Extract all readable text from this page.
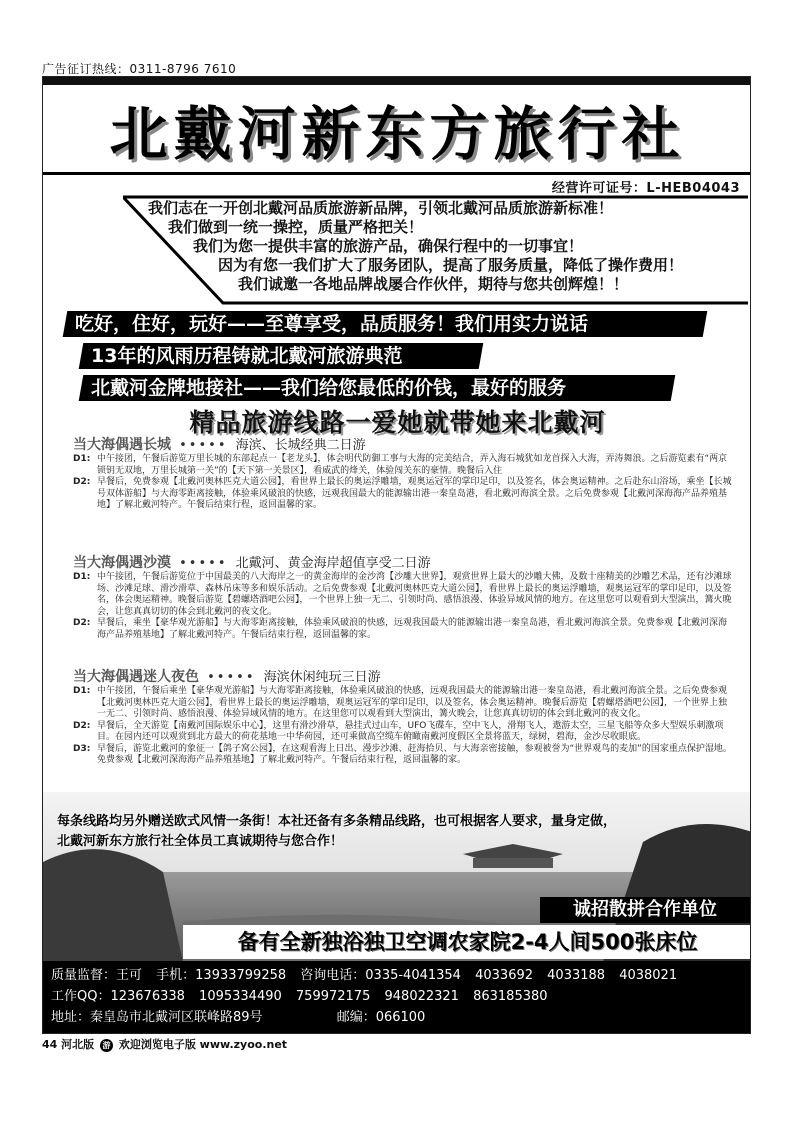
广告征订热线：0311-8796 7610
北戴河新东方旅行社
经营许可证号：L-HEB04043
我们志在一开创北戴河品质旅游新品牌，引领北戴河品质旅游新标准！
我们做到一统一操控，质量严格把关！
我们为您一提供丰富的旅游产品，确保行程中的一切事宜！
因为有您一我们扩大了服务团队，提高了服务质量，降低了操作费用！
我们诚邀一各地品牌战屡合作伙伴，期待与您共创辉煌！！
吃好，住好，玩好——至尊享受，品质服务！我们用实力说话
13年的风雨历程铸就北戴河旅游典范
北戴河金牌地接社——我们给您最低的价钱，最好的服务
精品旅游线路一爱她就带她来北戴河
当大海偶遇长城 ••••• 海滨、长城经典二日游
D1: 中午接团，午餐后游览万里长城的东部起点一【老龙头】，体会明代防御工事与大海的完美结合，弄入海石城犹如龙首探入大海，弄涛舞浪。之后游览素有“两京锁钥无双地，万里长城第一关”的【天下第一关景区】，看威武的烽关，体验闯关东的豪情。晚餐后入住
D2: 早餐后，免费参观【北戴河奥林匹克大道公园】，看世界上最长的奥运浮雕墙，观奥运冠军的掌印足印，以及签名，体会奥运精神。之后赴东山浴场，乘坐【长城号双体游船】与大海零距离接触，体验乘风破浪的快感，远观我国最大的能源输出港一秦皇岛港，看北戴河海滨全景。之后免费参观【北戴河深海海产品养殖基地】了解北戴河特产。午餐后结束行程，返回温馨的家。
当大海偶遇沙漠 ••••• 北戴河、黄金海岸超值享受二日游
D1: 中午接团，午餐后游览位于中国最美的八大海岸之一的黄金海岸的金沙湾【沙雕大世界】，观赏世界上最大的沙雕大佛，及数十座精美的沙雕艺术品，还有沙滩球场、沙滩足球、滑沙滑草、森林吊床等多和娱乐活动。之后免费参观【北戴河奥林匹克大道公园】，看世界上最长的奥运浮雕墙，观奥运冠军的掌印足印，以及签名，体会奥运精神。晚餐后游览【碧螺塔酒吧公园】，一个世界上独一无二、引领时尚、感悟浪漫、体验异域风情的地方。在这里您可以观看到大型演出，篝火晚会，让您真真切切的体会到北戴河的夜文化。
D2: 早餐后，乘坐【豪华观光游船】与大海零距离接触，体验乘风破浪的快感，远观我国最大的能源输出港一秦皇岛港，看北戴河海滨全景。免费参观【北戴河深海海产品养殖基地】了解北戴河特产。午餐后结束行程，返回温馨的家。
当大海偶遇迷人夜色 ••••• 海滨休闲纯玩三日游
D1: 中午接团，午餐后乘坐【豪华观光游船】与大海零距离接触，体验乘风破浪的快感，远观我国最大的能源输出港一秦皇岛港，看北戴河海滨全景。之后免费参观【北戴河奥林匹克大道公园】，看世界上最长的奥运浮雕墙，观奥运冠军的掌印足印，以及签名，体会奥运精神。晚餐后游览【碧螺塔酒吧公园】，一个世界上独一无二、引领时尚、感悟浪漫、体验异域风情的地方。在这里您可以观看到大型演出，篝火晚会，让您真真切切的体会到北戴河的夜文化。
D2: 早餐后，全天游览【南戴河国际娱乐中心】，这里有滑沙滑草，悬挂式过山车，UFO飞碟车，空中飞人，滑翔飞人，遨游太空，三星飞船等众多大型娱乐刺激项目。在园内还可以观赏到北方最大的荷花基地一中华荷园，还可乘做高空缆车俯瞰南戴河度假区全景将蓝天，绿树，碧海，金沙尽收眼底。
D3: 早餐后，游览北戴河的象征一【鸽子窝公园】，在这观看海上日出、漫步沙滩、赶海拾贝、与大海亲密接触，参观被誉为“世界观鸟的麦加”的国家重点保护湿地。免费参观【北戴河深海海产品养殖基地】了解北戴河特产。午餐后结束行程，返回温馨的家。
每条线路均另外赠送欧式风情一条街！本社还备有多条精品线路，也可根据客人要求，量身定做，
北戴河新东方旅行社全体员工真诚期待与您合作！
诚招散拼合作单位
备有全新独浴独卫空调农家院2-4人间500张床位
质量监督：王可 手机：13933799258 咨询电话：0335-4041354 4033692 4033188 4038021
工作QQ：123676338 1095334490 759972175 948022321 863185380
地址：秦皇岛市北戴河区联峰路89号	邮编：066100
44 河北版 游 欢迎浏览电子版 www.zyoo.net
